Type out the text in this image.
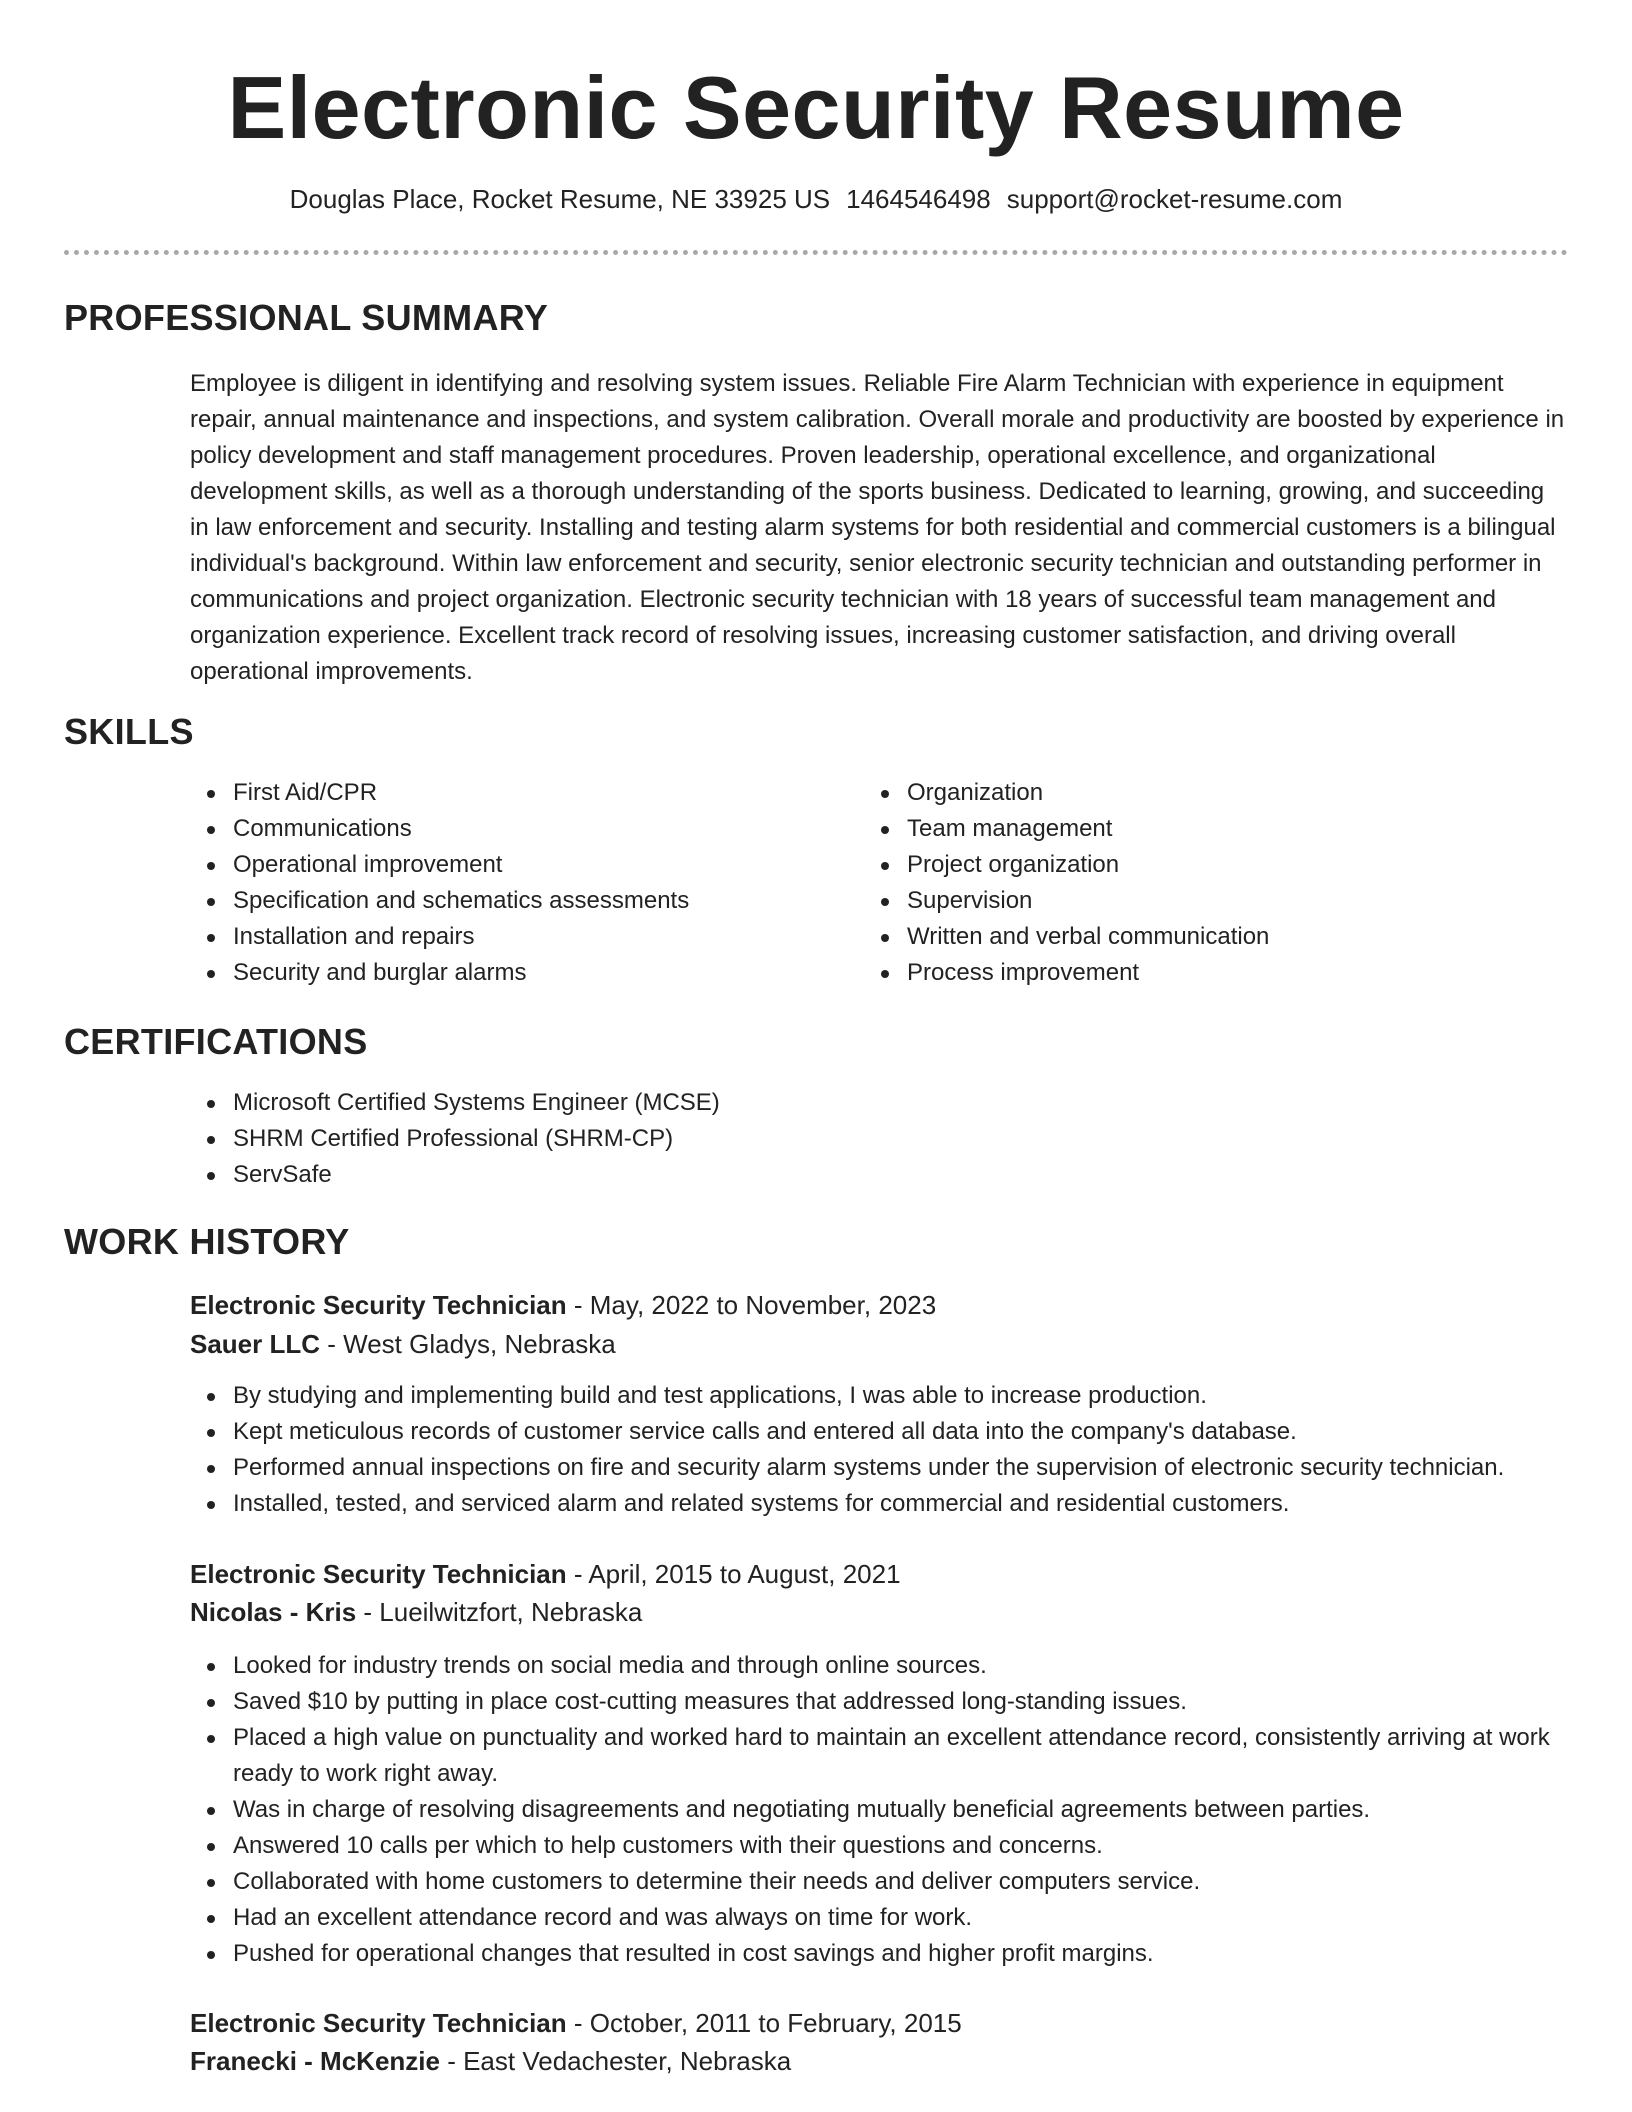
Electronic Security Resume
Douglas Place, Rocket Resume, NE 33925 US 1464546498 support@rocket-resume.com
PROFESSIONAL SUMMARY

Employee is diligent in identifying and resolving system issues. Reliable Fire Alarm Technician with experience in equipment repair, annual maintenance and inspections, and system calibration. Overall morale and productivity are boosted by experience in policy development and staff management procedures. Proven leadership, operational excellence, and organizational development skills, as well as a thorough understanding of the sports business. Dedicated to learning, growing, and succeeding in law enforcement and security. Installing and testing alarm systems for both residential and commercial customers is a bilingual individual's background. Within law enforcement and security, senior electronic security technician and outstanding performer in communications and project organization. Electronic security technician with 18 years of successful team management and organization experience. Excellent track record of resolving issues, increasing customer satisfaction, and driving overall operational improvements.

SKILLS
First Aid/CPR
Communications
Operational improvement
Specification and schematics assessments
Installation and repairs
Security and burglar alarms
Organization
Team management
Project organization
Supervision
Written and verbal communication
Process improvement
CERTIFICATIONS
Microsoft Certified Systems Engineer (MCSE)
SHRM Certified Professional (SHRM-CP)
ServSafe
WORK HISTORY
Electronic Security Technician - May, 2022 to November, 2023
Sauer LLC - West Gladys, Nebraska
By studying and implementing build and test applications, I was able to increase production.
Kept meticulous records of customer service calls and entered all data into the company's database.
Performed annual inspections on fire and security alarm systems under the supervision of electronic security technician.
Installed, tested, and serviced alarm and related systems for commercial and residential customers.
Electronic Security Technician - April, 2015 to August, 2021
Nicolas - Kris - Lueilwitzfort, Nebraska
Looked for industry trends on social media and through online sources.
Saved $10 by putting in place cost-cutting measures that addressed long-standing issues.
Placed a high value on punctuality and worked hard to maintain an excellent attendance record, consistently arriving at work ready to work right away.
Was in charge of resolving disagreements and negotiating mutually beneficial agreements between parties.
Answered 10 calls per which to help customers with their questions and concerns.
Collaborated with home customers to determine their needs and deliver computers service.
Had an excellent attendance record and was always on time for work.
Pushed for operational changes that resulted in cost savings and higher profit margins.
Electronic Security Technician - October, 2011 to February, 2015
Franecki - McKenzie - East Vedachester, Nebraska
